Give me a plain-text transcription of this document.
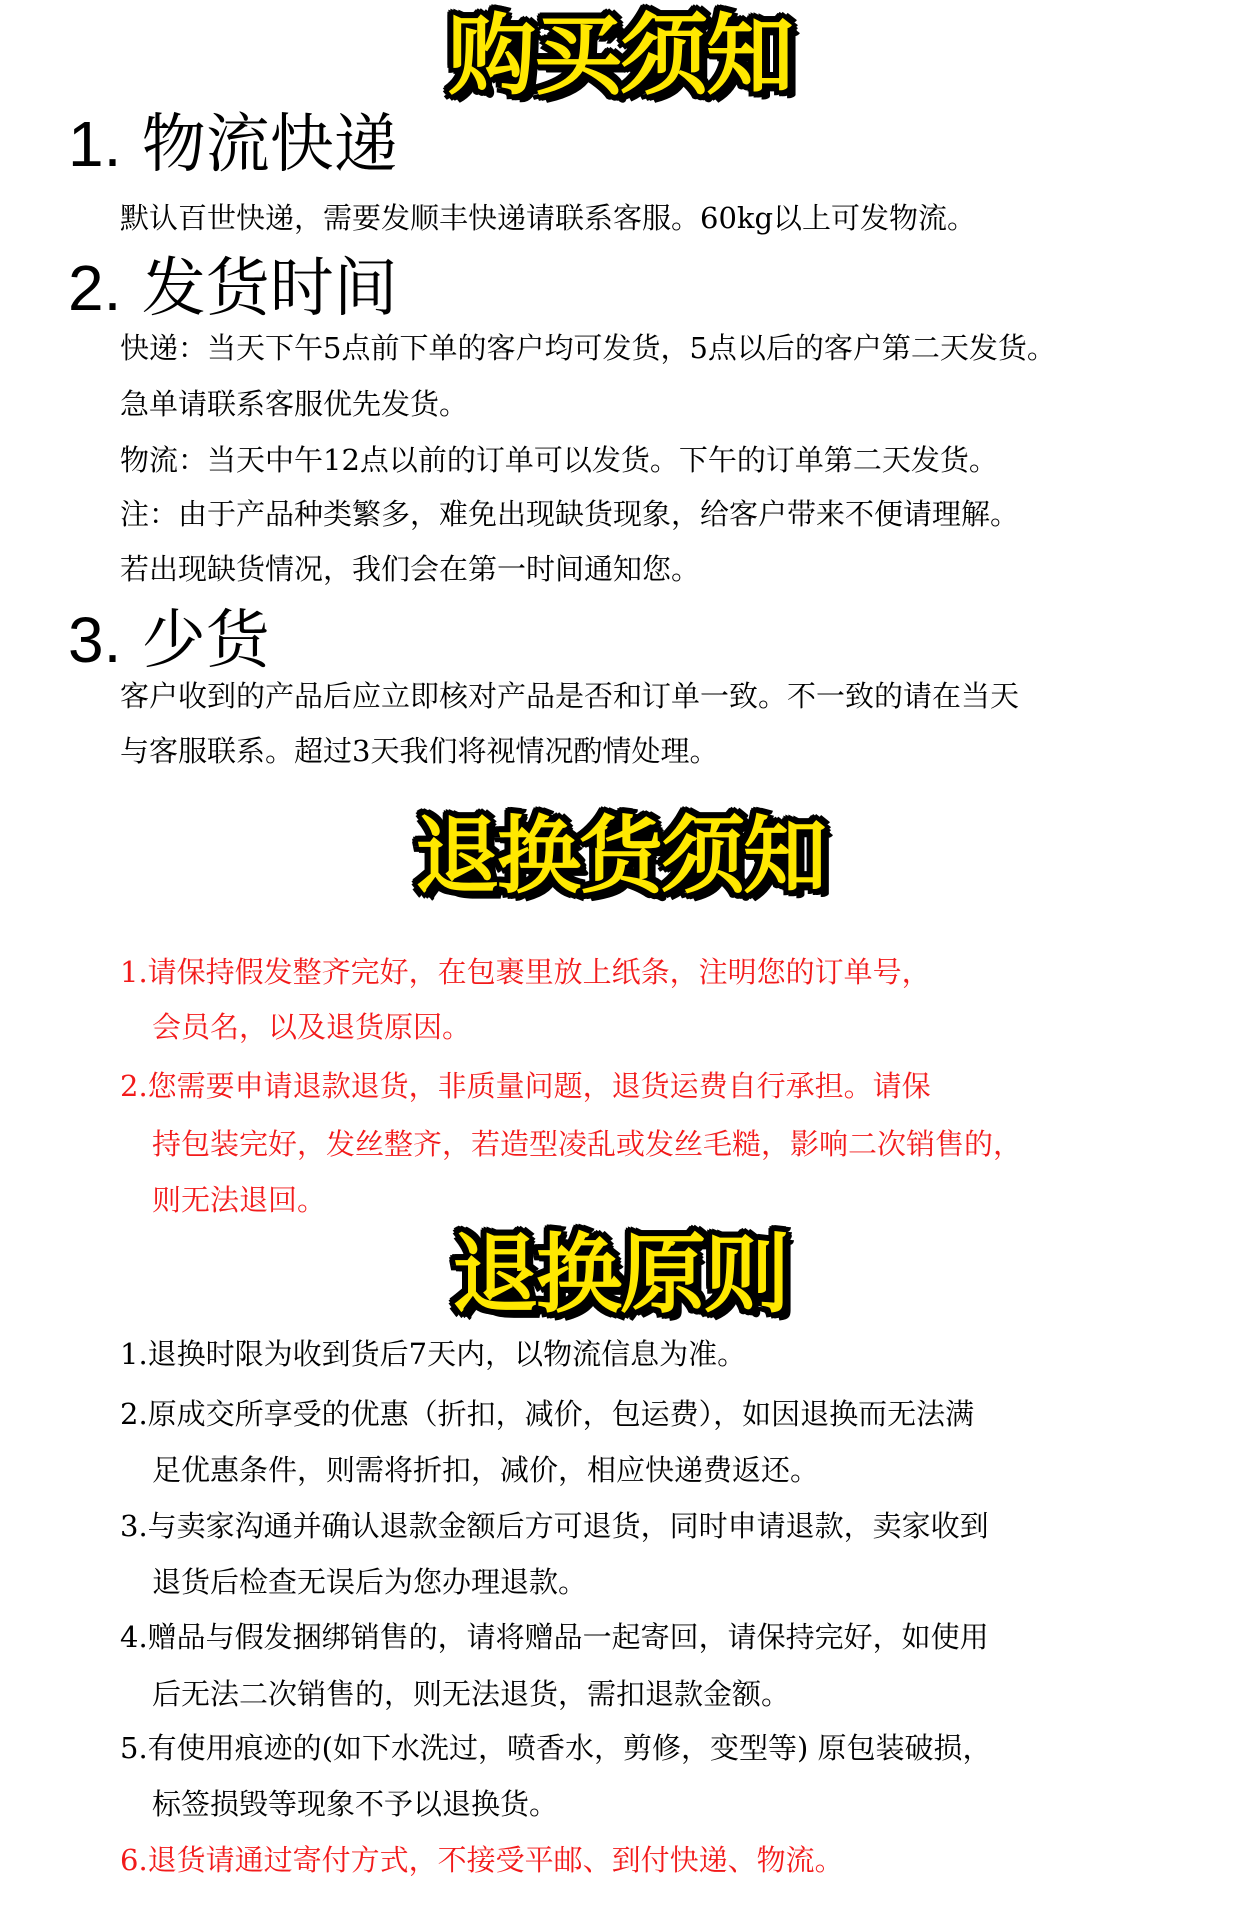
购买须知
1. 物流快递
默认百世快递，需要发顺丰快递请联系客服。60kg以上可发物流。
2. 发货时间
快递：当天下午5点前下单的客户均可发货，5点以后的客户第二天发货。
急单请联系客服优先发货。
物流：当天中午12点以前的订单可以发货。下午的订单第二天发货。
注：由于产品种类繁多，难免出现缺货现象，给客户带来不便请理解。
若出现缺货情况，我们会在第一时间通知您。
3. 少货
客户收到的产品后应立即核对产品是否和订单一致。不一致的请在当天
与客服联系。超过3天我们将视情况酌情处理。
退换货须知
1.请保持假发整齐完好，在包裹里放上纸条，注明您的订单号，
会员名，以及退货原因。
2.您需要申请退款退货，非质量问题，退货运费自行承担。请保
持包装完好，发丝整齐，若造型凌乱或发丝毛糙，影响二次销售的，
则无法退回。
退换原则
1.退换时限为收到货后7天内，以物流信息为准。
2.原成交所享受的优惠（折扣，减价，包运费），如因退换而无法满
足优惠条件，则需将折扣，减价，相应快递费返还。
3.与卖家沟通并确认退款金额后方可退货，同时申请退款，卖家收到
退货后检查无误后为您办理退款。
4.赠品与假发捆绑销售的，请将赠品一起寄回，请保持完好，如使用
后无法二次销售的，则无法退货，需扣退款金额。
5.有使用痕迹的(如下水洗过，喷香水，剪修，变型等) 原包装破损，
标签损毁等现象不予以退换货。
6.退货请通过寄付方式，不接受平邮、到付快递、物流。
